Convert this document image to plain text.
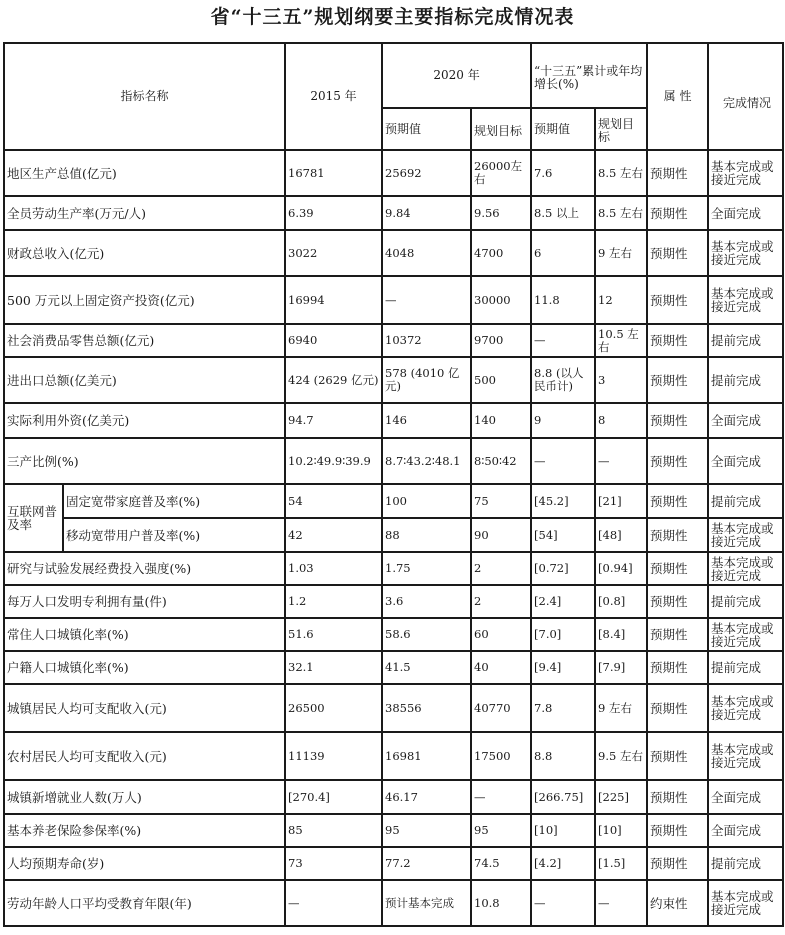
省“十三五”规划纲要主要指标完成情况表
指标名称		2015 年	2020 年		“十三五”累计或年均增长(%)		属 性	完成情况
			预期值	规划目标	预期值	规划目标		
地区生产总值(亿元)		16781	25692	26000左右	7.6	8.5 左右	预期性	基本完成或接近完成
全员劳动生产率(万元/人)		6.39	9.84	9.56	8.5 以上	8.5 左右	预期性	全面完成
财政总收入(亿元)		3022	4048	4700	6	9 左右	预期性	基本完成或接近完成
500 万元以上固定资产投资(亿元)		16994	—	30000	11.8	12	预期性	基本完成或接近完成
社会消费品零售总额(亿元)		6940	10372	9700	—	10.5 左右	预期性	提前完成
进出口总额(亿美元)		424 (2629 亿元)	578 (4010 亿元)	500	8.8 (以人民币计)	3	预期性	提前完成
实际利用外资(亿美元)		94.7	146	140	9	8	预期性	全面完成
三产比例(%)		10.2∶49.9∶39.9	8.7∶43.2∶48.1	8∶50∶42	—	—	预期性	全面完成
互联网普及率	固定宽带家庭普及率(%)	54	100	75	[45.2]	[21]	预期性	提前完成
	移动宽带用户普及率(%)	42	88	90	[54]	[48]	预期性	基本完成或接近完成
研究与试验发展经费投入强度(%)		1.03	1.75	2	[0.72]	[0.94]	预期性	基本完成或接近完成
每万人口发明专利拥有量(件)		1.2	3.6	2	[2.4]	[0.8]	预期性	提前完成
常住人口城镇化率(%)		51.6	58.6	60	[7.0]	[8.4]	预期性	基本完成或接近完成
户籍人口城镇化率(%)		32.1	41.5	40	[9.4]	[7.9]	预期性	提前完成
城镇居民人均可支配收入(元)		26500	38556	40770	7.8	9 左右	预期性	基本完成或接近完成
农村居民人均可支配收入(元)		11139	16981	17500	8.8	9.5 左右	预期性	基本完成或接近完成
城镇新增就业人数(万人)		[270.4]	46.17	—	[266.75]	[225]	预期性	全面完成
基本养老保险参保率(%)		85	95	95	[10]	[10]	预期性	全面完成
人均预期寿命(岁)		73	77.2	74.5	[4.2]	[1.5]	预期性	提前完成
劳动年龄人口平均受教育年限(年)		—	预计基本完成	10.8	—	—	约束性	基本完成或接近完成
